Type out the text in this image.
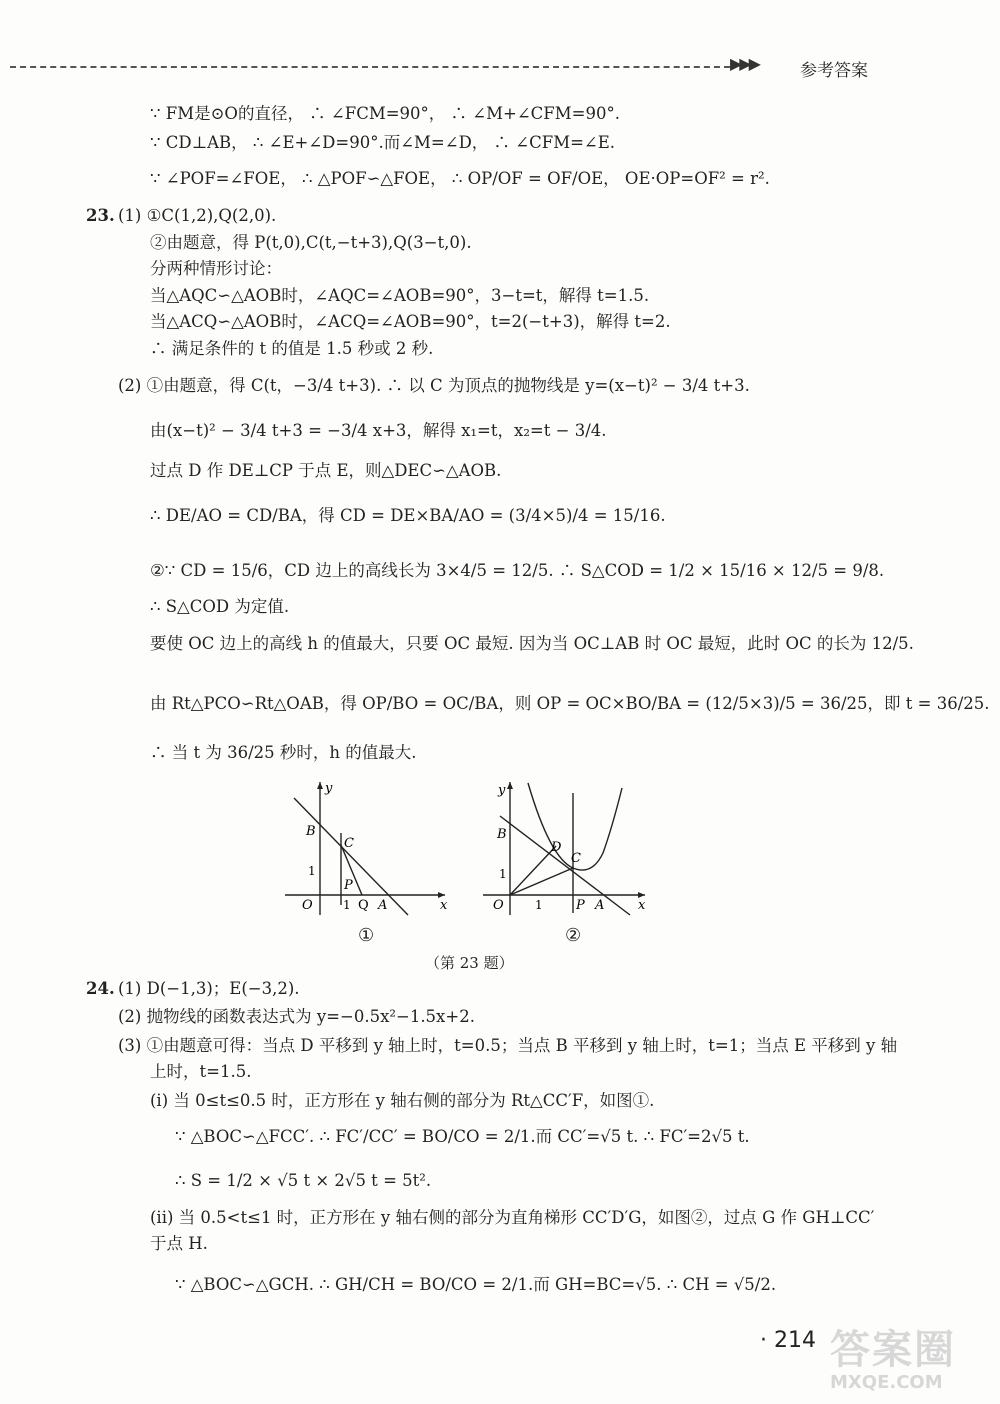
▶▶▶ 参考答案
∵ FM是⊙O的直径， ∴ ∠FCM=90°， ∴ ∠M+∠CFM=90°.
∵ CD⊥AB， ∴ ∠E+∠D=90°.而∠M=∠D， ∴ ∠CFM=∠E.
∵ ∠POF=∠FOE， ∴ △POF∽△FOE， ∴ OP/OF = OF/OE， OE·OP=OF² = r².
23. (1) ①C(1,2),Q(2,0).
②由题意，得 P(t,0),C(t,−t+3),Q(3−t,0).
分两种情形讨论：
当△AQC∽△AOB时，∠AQC=∠AOB=90°，3−t=t，解得 t=1.5.
当△ACQ∽△AOB时，∠ACQ=∠AOB=90°，t=2(−t+3)，解得 t=2.
∴ 满足条件的 t 的值是 1.5 秒或 2 秒.
(2) ①由题意，得 C(t，−3/4 t+3). ∴ 以 C 为顶点的抛物线是 y=(x−t)² − 3/4 t+3.
由(x−t)² − 3/4 t+3 = −3/4 x+3，解得 x₁=t，x₂=t − 3/4.
过点 D 作 DE⊥CP 于点 E，则△DEC∽△AOB.
∴ DE/AO = CD/BA，得 CD = DE×BA/AO = (3/4×5)/4 = 15/16.
②∵ CD = 15/6，CD 边上的高线长为 3×4/5 = 12/5. ∴ S△COD = 1/2 × 15/16 × 12/5 = 9/8.
∴ S△COD 为定值.
要使 OC 边上的高线 h 的值最大，只要 OC 最短. 因为当 OC⊥AB 时 OC 最短，此时 OC 的长为 12/5.
由 Rt△PCO∽Rt△OAB，得 OP/BO = OC/BA，则 OP = OC×BO/BA = (12/5×3)/5 = 36/25，即 t = 36/25.
∴ 当 t 为 36/25 秒时，h 的值最大.
y
x
B
C
P
Q A
O
1
1
y
x
B
C
D
P A
O
1
1
①	②
（第 23 题）
24. (1) D(−1,3)；E(−3,2).
(2) 抛物线的函数表达式为 y=−0.5x²−1.5x+2.
(3) ①由题意可得：当点 D 平移到 y 轴上时，t=0.5；当点 B 平移到 y 轴上时，t=1；当点 E 平移到 y 轴
上时，t=1.5.
(i) 当 0≤t≤0.5 时，正方形在 y 轴右侧的部分为 Rt△CC′F，如图①.
∵ △BOC∽△FCC′. ∴ FC′/CC′ = BO/CO = 2/1.而 CC′=√5 t. ∴ FC′=2√5 t.
∴ S = 1/2 × √5 t × 2√5 t = 5t².
(ii) 当 0.5<t≤1 时，正方形在 y 轴右侧的部分为直角梯形 CC′D′G，如图②，过点 G 作 GH⊥CC′
于点 H.
∵ △BOC∽△GCH. ∴ GH/CH = BO/CO = 2/1.而 GH=BC=√5. ∴ CH = √5/2.
· 214 答案圈
MXQE.COM
